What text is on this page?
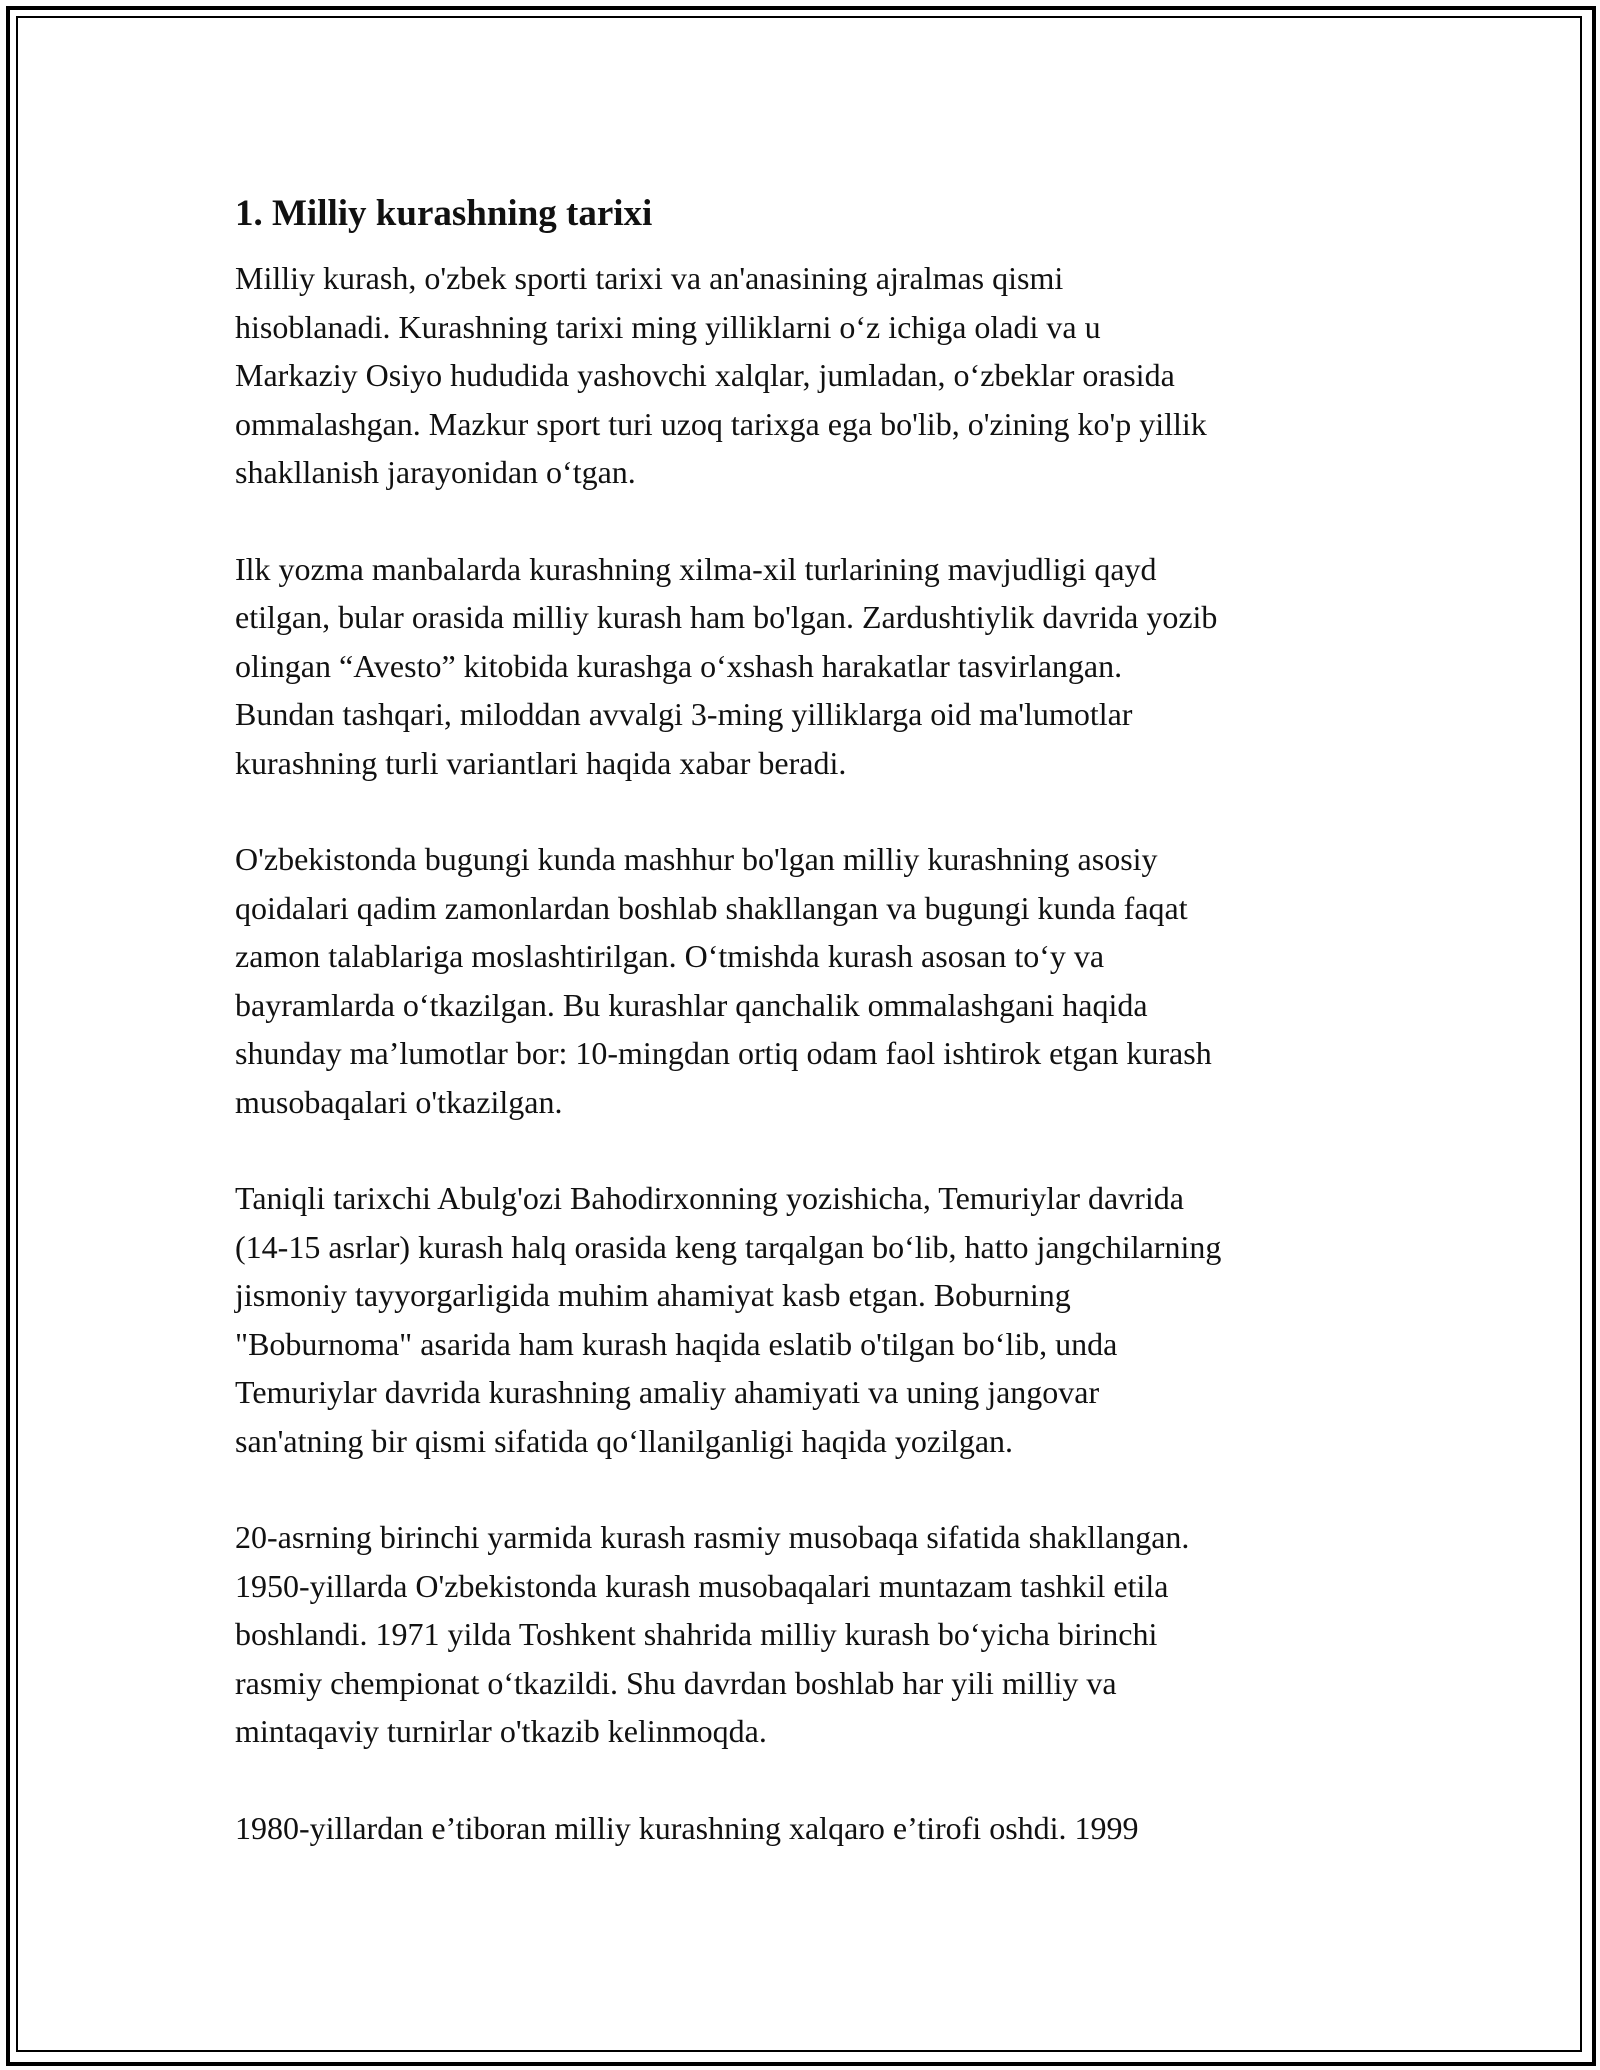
1. Milliy kurashning tarixi
Milliy kurash, o'zbek sporti tarixi va an'anasining ajralmas qismi
hisoblanadi. Kurashning tarixi ming yilliklarni o‘z ichiga oladi va u
Markaziy Osiyo hududida yashovchi xalqlar, jumladan, o‘zbeklar orasida
ommalashgan. Mazkur sport turi uzoq tarixga ega bo'lib, o'zining ko'p yillik
shakllanish jarayonidan o‘tgan.
Ilk yozma manbalarda kurashning xilma-xil turlarining mavjudligi qayd
etilgan, bular orasida milliy kurash ham bo'lgan. Zardushtiylik davrida yozib
olingan “Avesto” kitobida kurashga o‘xshash harakatlar tasvirlangan.
Bundan tashqari, miloddan avvalgi 3-ming yilliklarga oid ma'lumotlar
kurashning turli variantlari haqida xabar beradi.
O'zbekistonda bugungi kunda mashhur bo'lgan milliy kurashning asosiy
qoidalari qadim zamonlardan boshlab shakllangan va bugungi kunda faqat
zamon talablariga moslashtirilgan. O‘tmishda kurash asosan to‘y va
bayramlarda o‘tkazilgan. Bu kurashlar qanchalik ommalashgani haqida
shunday ma’lumotlar bor: 10-mingdan ortiq odam faol ishtirok etgan kurash
musobaqalari o'tkazilgan.
Taniqli tarixchi Abulg'ozi Bahodirxonning yozishicha, Temuriylar davrida
(14-15 asrlar) kurash halq orasida keng tarqalgan bo‘lib, hatto jangchilarning
jismoniy tayyorgarligida muhim ahamiyat kasb etgan. Boburning
"Boburnoma" asarida ham kurash haqida eslatib o'tilgan bo‘lib, unda
Temuriylar davrida kurashning amaliy ahamiyati va uning jangovar
san'atning bir qismi sifatida qo‘llanilganligi haqida yozilgan.
20-asrning birinchi yarmida kurash rasmiy musobaqa sifatida shakllangan.
1950-yillarda O'zbekistonda kurash musobaqalari muntazam tashkil etila
boshlandi. 1971 yilda Toshkent shahrida milliy kurash bo‘yicha birinchi
rasmiy chempionat o‘tkazildi. Shu davrdan boshlab har yili milliy va
mintaqaviy turnirlar o'tkazib kelinmoqda.
1980-yillardan e’tiboran milliy kurashning xalqaro e’tirofi oshdi. 1999
